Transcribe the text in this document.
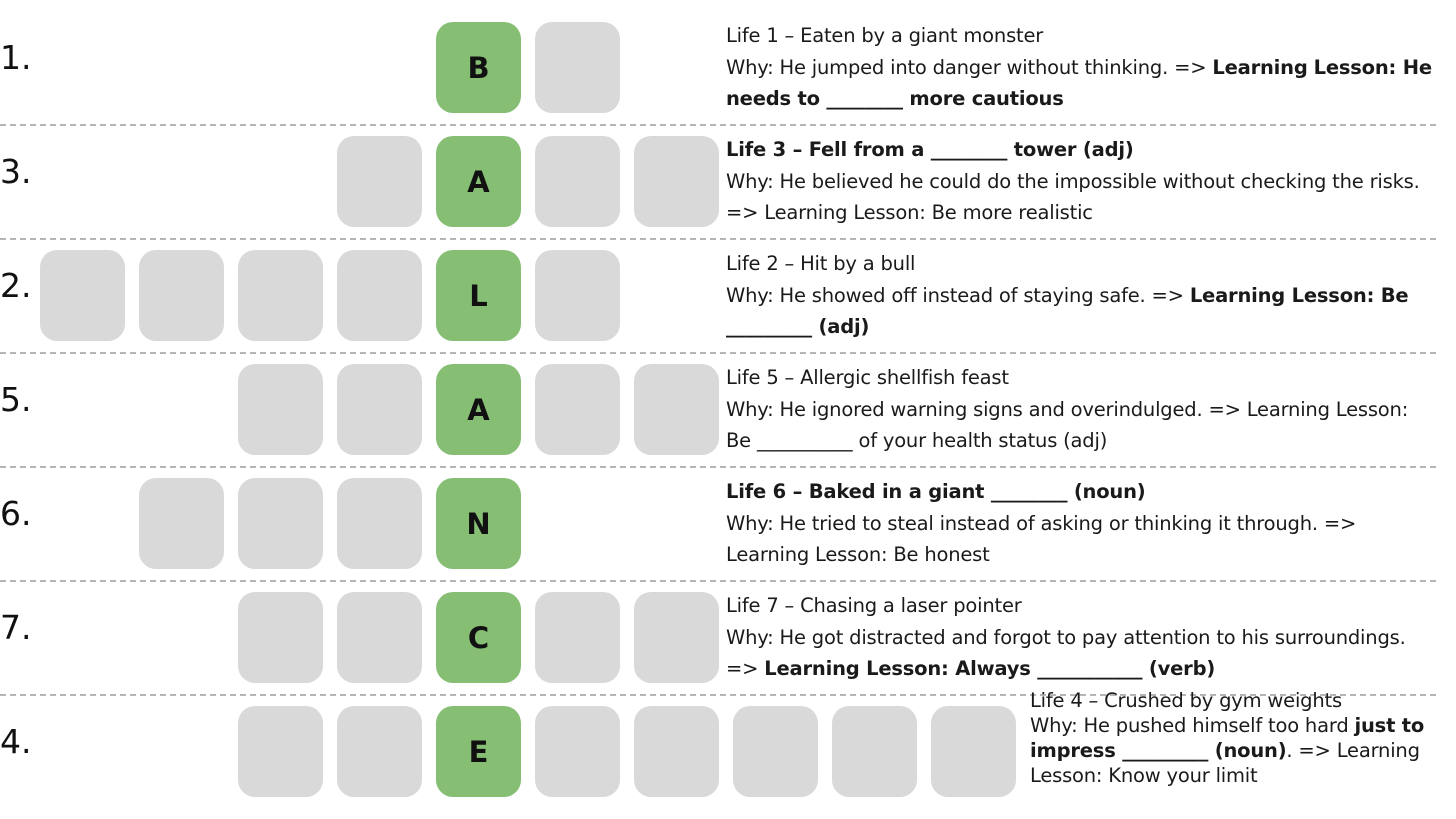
1.	B
Life 1 – Eaten by a giant monster
Why: He jumped into danger without thinking. => Learning Lesson: He needs to ________ more cautious
3.	A
Life 3 – Fell from a ________ tower (adj)
Why: He believed he could do the impossible without checking the risks. => Learning Lesson: Be more realistic
2.	L
Life 2 – Hit by a bull
Why: He showed off instead of staying safe. => Learning Lesson: Be _________ (adj)
5.	A
Life 5 – Allergic shellfish feast
Why: He ignored warning signs and overindulged. => Learning Lesson: Be __________ of your health status (adj)
6.	N
Life 6 – Baked in a giant ________ (noun)
Why: He tried to steal instead of asking or thinking it through. => Learning Lesson: Be honest
7.	C
Life 7 – Chasing a laser pointer
Why: He got distracted and forgot to pay attention to his surroundings. => Learning Lesson: Always ___________ (verb)
4.	E
Life 4 – Crushed by gym weights
Why: He pushed himself too hard just to impress _________ (noun). => Learning Lesson: Know your limit
